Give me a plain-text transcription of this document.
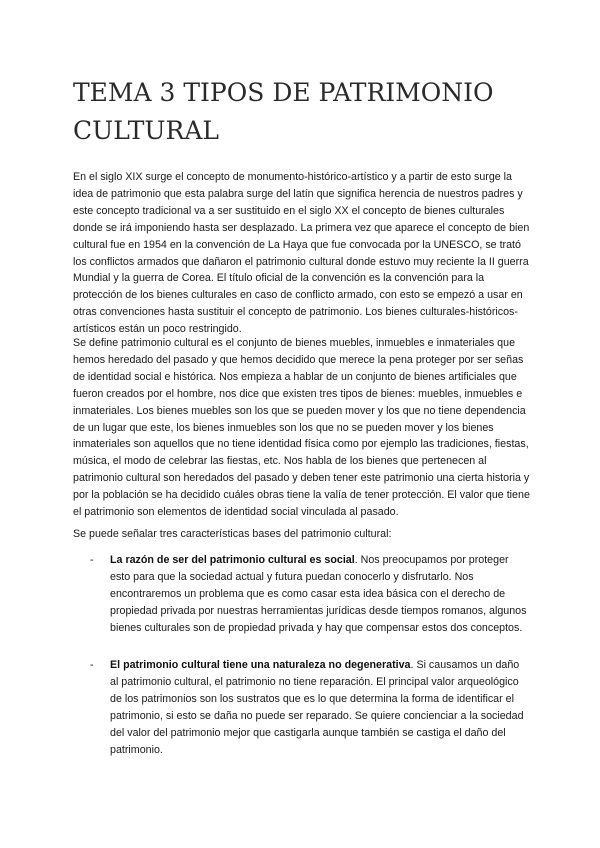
TEMA 3 TIPOS DE PATRIMONIO CULTURAL

En el siglo XIX surge el concepto de monumento-histórico-artístico y a partir de esto surge la idea de patrimonio que esta palabra surge del latín que significa herencia de nuestros padres y este concepto tradicional va a ser sustituido en el siglo XX el concepto de bienes culturales donde se irá imponiendo hasta ser desplazado. La primera vez que aparece el concepto de bien cultural fue en 1954 en la convención de La Haya que fue convocada por la UNESCO, se trató los conflictos armados que dañaron el patrimonio cultural donde estuvo muy reciente la II guerra Mundial y la guerra de Corea. El título oficial de la convención es la convención para la protección de los bienes culturales en caso de conflicto armado, con esto se empezó a usar en otras convenciones hasta sustituir el concepto de patrimonio. Los bienes culturales-históricos-artísticos están un poco restringido.

Se define patrimonio cultural es el conjunto de bienes muebles, inmuebles e inmateriales que hemos heredado del pasado y que hemos decidido que merece la pena proteger por ser señas de identidad social e histórica. Nos empieza a hablar de un conjunto de bienes artificiales que fueron creados por el hombre, nos dice que existen tres tipos de bienes: muebles, inmuebles e inmateriales. Los bienes muebles son los que se pueden mover y los que no tiene dependencia de un lugar que este, los bienes inmuebles son los que no se pueden mover y los bienes inmateriales son aquellos que no tiene identidad física como por ejemplo las tradiciones, fiestas, música, el modo de celebrar las fiestas, etc. Nos habla de los bienes que pertenecen al patrimonio cultural son heredados del pasado y deben tener este patrimonio una cierta historia y por la población se ha decidido cuáles obras tiene la valía de tener protección. El valor que tiene el patrimonio son elementos de identidad social vinculada al pasado.

Se puede señalar tres características bases del patrimonio cultural:

- La razón de ser del patrimonio cultural es social. Nos preocupamos por proteger esto para que la sociedad actual y futura puedan conocerlo y disfrutarlo. Nos encontraremos un problema que es como casar esta idea básica con el derecho de propiedad privada por nuestras herramientas jurídicas desde tiempos romanos, algunos bienes culturales son de propiedad privada y hay que compensar estos dos conceptos.
- El patrimonio cultural tiene una naturaleza no degenerativa. Si causamos un daño al patrimonio cultural, el patrimonio no tiene reparación. El principal valor arqueológico de los patrimonios son los sustratos que es lo que determina la forma de identificar el patrimonio, si esto se daña no puede ser reparado. Se quiere concienciar a la sociedad del valor del patrimonio mejor que castigarla aunque también se castiga el daño del patrimonio.
